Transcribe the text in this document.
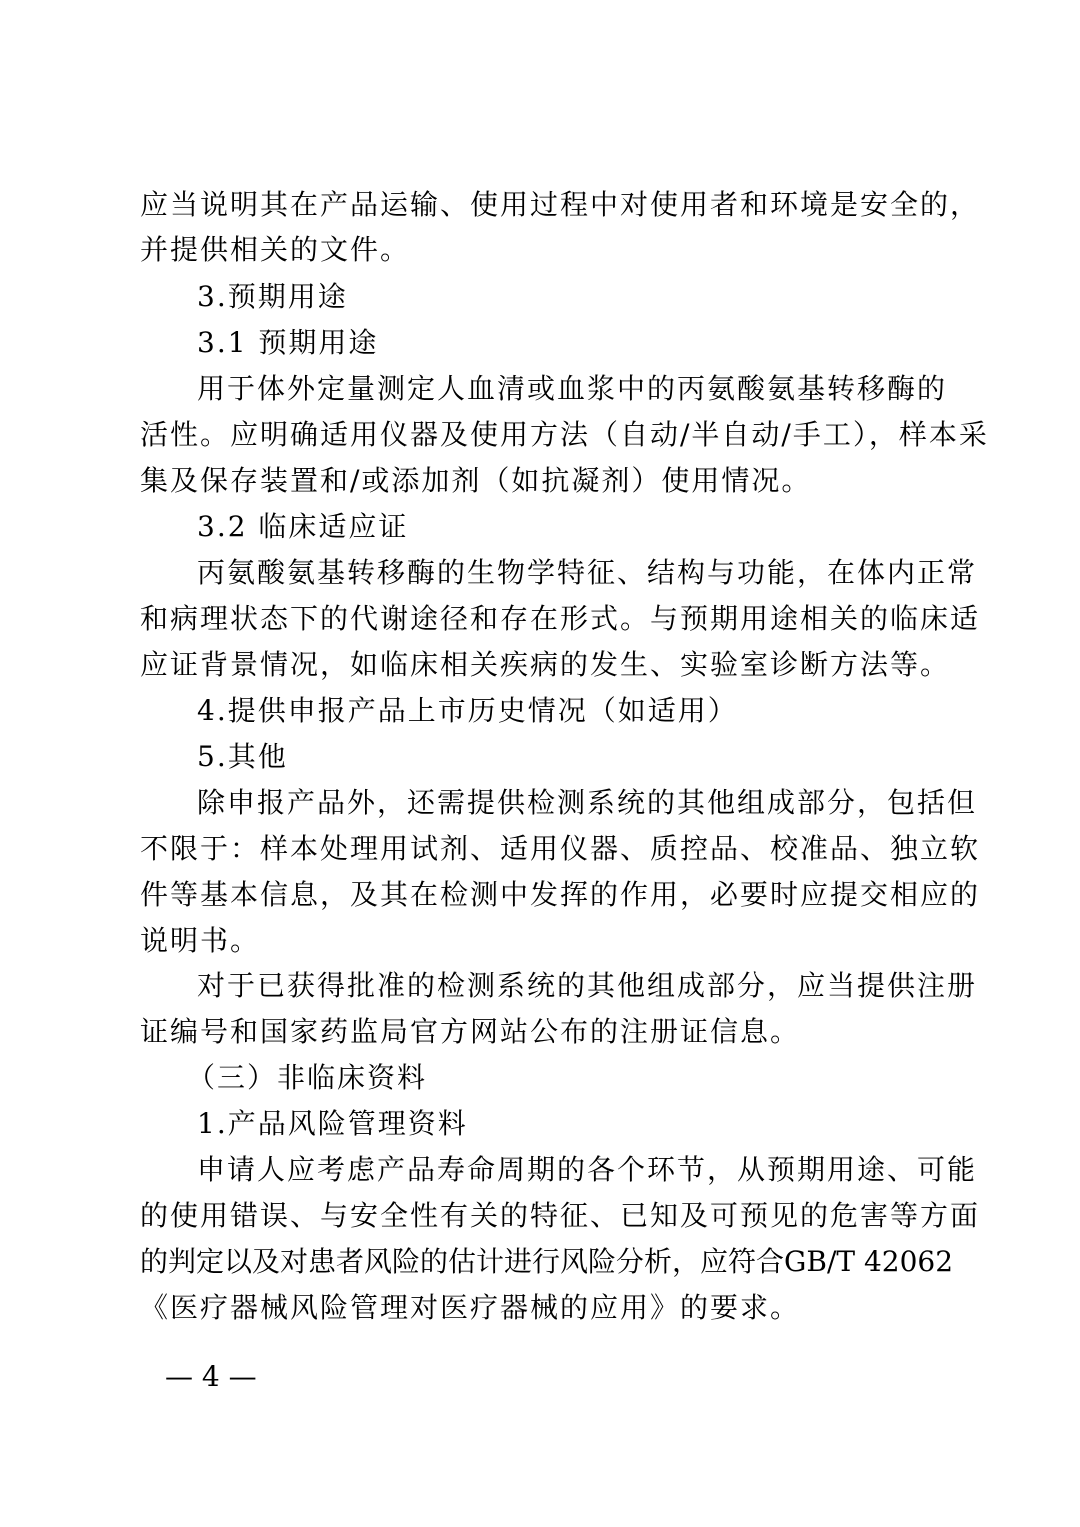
应当说明其在产品运输、使用过程中对使用者和环境是安全的，
并提供相关的文件。
3.预期用途
3.1 预期用途
用于体外定量测定人血清或血浆中的丙氨酸氨基转移酶的
活性。应明确适用仪器及使用方法（自动/半自动/手工），样本采
集及保存装置和/或添加剂（如抗凝剂）使用情况。
3.2 临床适应证
丙氨酸氨基转移酶的生物学特征、结构与功能，在体内正常
和病理状态下的代谢途径和存在形式。与预期用途相关的临床适
应证背景情况，如临床相关疾病的发生、实验室诊断方法等。
4.提供申报产品上市历史情况（如适用）
5.其他
除申报产品外，还需提供检测系统的其他组成部分，包括但
不限于：样本处理用试剂、适用仪器、质控品、校准品、独立软
件等基本信息，及其在检测中发挥的作用，必要时应提交相应的
说明书。
对于已获得批准的检测系统的其他组成部分，应当提供注册
证编号和国家药监局官方网站公布的注册证信息。
（三）非临床资料
1.产品风险管理资料
申请人应考虑产品寿命周期的各个环节，从预期用途、可能
的使用错误、与安全性有关的特征、已知及可预见的危害等方面
的判定以及对患者风险的估计进行风险分析，应符合GB/T 42062
《医疗器械风险管理对医疗器械的应用》的要求。
— 4 —
